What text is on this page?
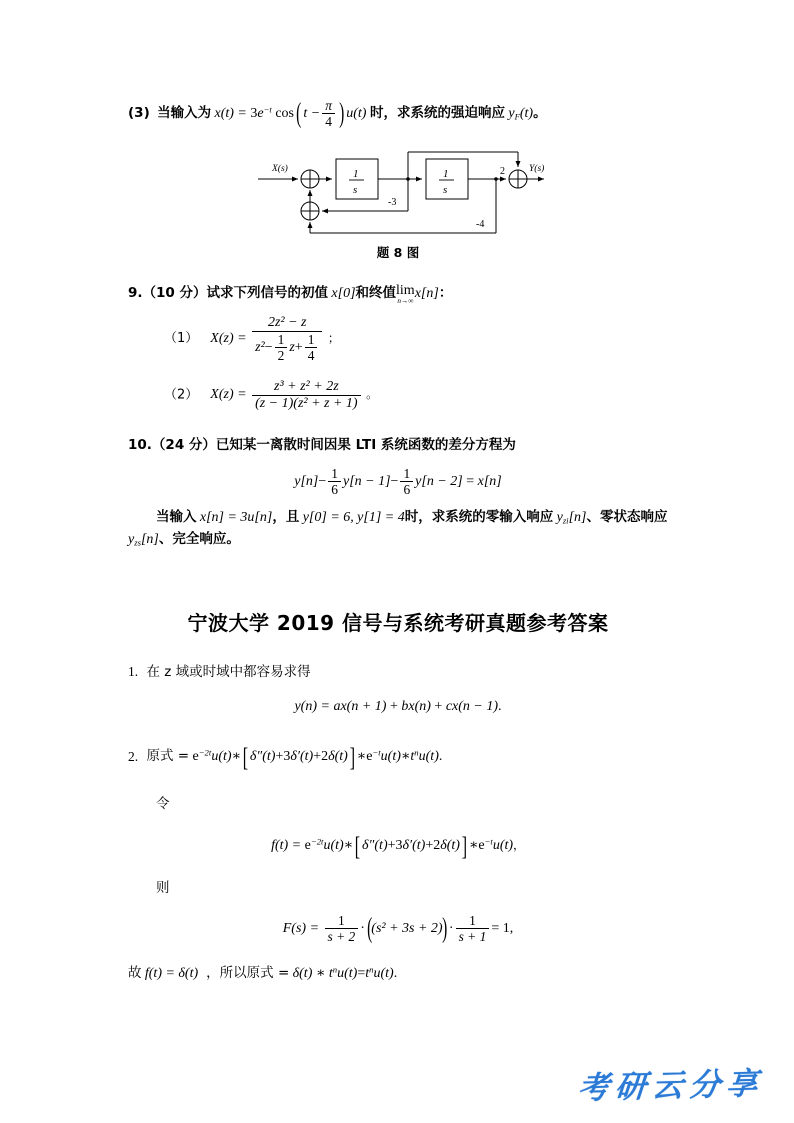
(3) 当输入为 $x(t) = 3e^{-t}$ cos( $t - \frac{\pi}{4}$ ) u(t) 时，求系统的强迫响应 $y_F(t)$。

X(s)	Y(s)
1
s
1
s
2
-3
-4
题 8 图

9.（10 分）试求下列信号的初值 x[0]和终值 lim
n→∞ x[n]：

（1） $X(z) = \frac{\text{2z² − z}}{z^2- \frac{1}{2} z+ \frac{1}{4}}$ ；

（2） $X(z) = \frac{\text{z³ + z² + 2z}}{\text{(z − 1)(z² + z + 1)}}$ 。

10.（24 分）已知某一离散时间因果 LTI 系统函数的差分方程为

$y[n]- \frac{1}{6} y[n - 1]- \frac{1}{6} y[n - 2] = x[n]$

当输入 x[n] = 3u[n]，且 y[0] = 6, y[1] = 4时，求系统的零输入响应 $y_{zi}[n]$、零状态响应$y_{zs}[n]$、完全响应。

宁波大学 2019 信号与系统考研真题参考答案

1. 在 z 域或时域中都容易求得

y(n) = ax(n + 1) + bx(n) + cx(n − 1).

2. 原式 = $e^{-2t}u(t)∗$[ δ″(t)+3δ′(t)+2δ(t)] $∗e^{-t}u(t)∗t^nu(t)$.

令

$f(t) = e^{-2t}u(t)∗$[ δ″(t)+3δ′(t)+2δ(t)] $∗e^{-t}u(t)$，

则

$F(s) = \frac{1}{s + 2} \cdot((s^2 + 3s + 2)) \cdot \frac{1}{s + 1} = 1$,

故 f(t) = δ(t) ，所以原式 = δ(t) ∗ $t^nu(t)=t^nu(t)$.

考研云分享
